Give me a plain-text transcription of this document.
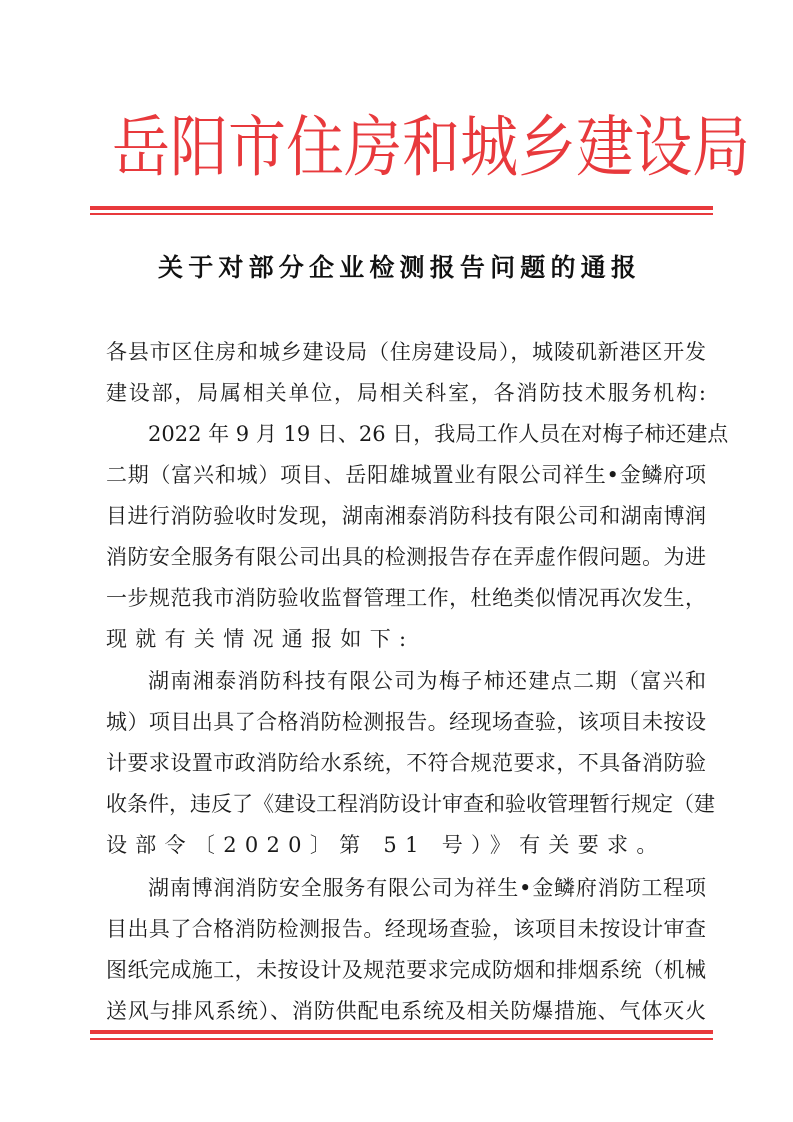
岳 阳 市 住 房 和 城 乡 建 设 局
关 于 对 部 分 企 业 检 测 报 告 问 题 的 通 报
各县市区住房和城乡建设局（住房建设局），城陵矶新港区开发
建设部，局属相关单位，局相关科室，各消防技术服务机构:
2022 年 9 月 19 日、26 日，我局工作人员在对梅子柿还建点
二期（富兴和城）项目、岳阳雄城置业有限公司祥生•金鳞府项
目进行消防验收时发现，湖南湘泰消防科技有限公司和湖南博润
消防安全服务有限公司出具的检测报告存在弄虚作假问题。为进
一步规范我市消防验收监督管理工作，杜绝类似情况再次发生，
现就有关情况通报如下:
湖南湘泰消防科技有限公司为梅子柿还建点二期（富兴和
城）项目出具了合格消防检测报告。经现场查验，该项目未按设
计要求设置市政消防给水系统，不符合规范要求，不具备消防验
收条件，违反了《建设工程消防设计审查和验收管理暂行规定（建
设部令〔2020〕第 51 号）》有关要求。
湖南博润消防安全服务有限公司为祥生•金鳞府消防工程项
目出具了合格消防检测报告。经现场查验，该项目未按设计审查
图纸完成施工，未按设计及规范要求完成防烟和排烟系统（机械
送风与排风系统）、消防供配电系统及相关防爆措施、气体灭火
